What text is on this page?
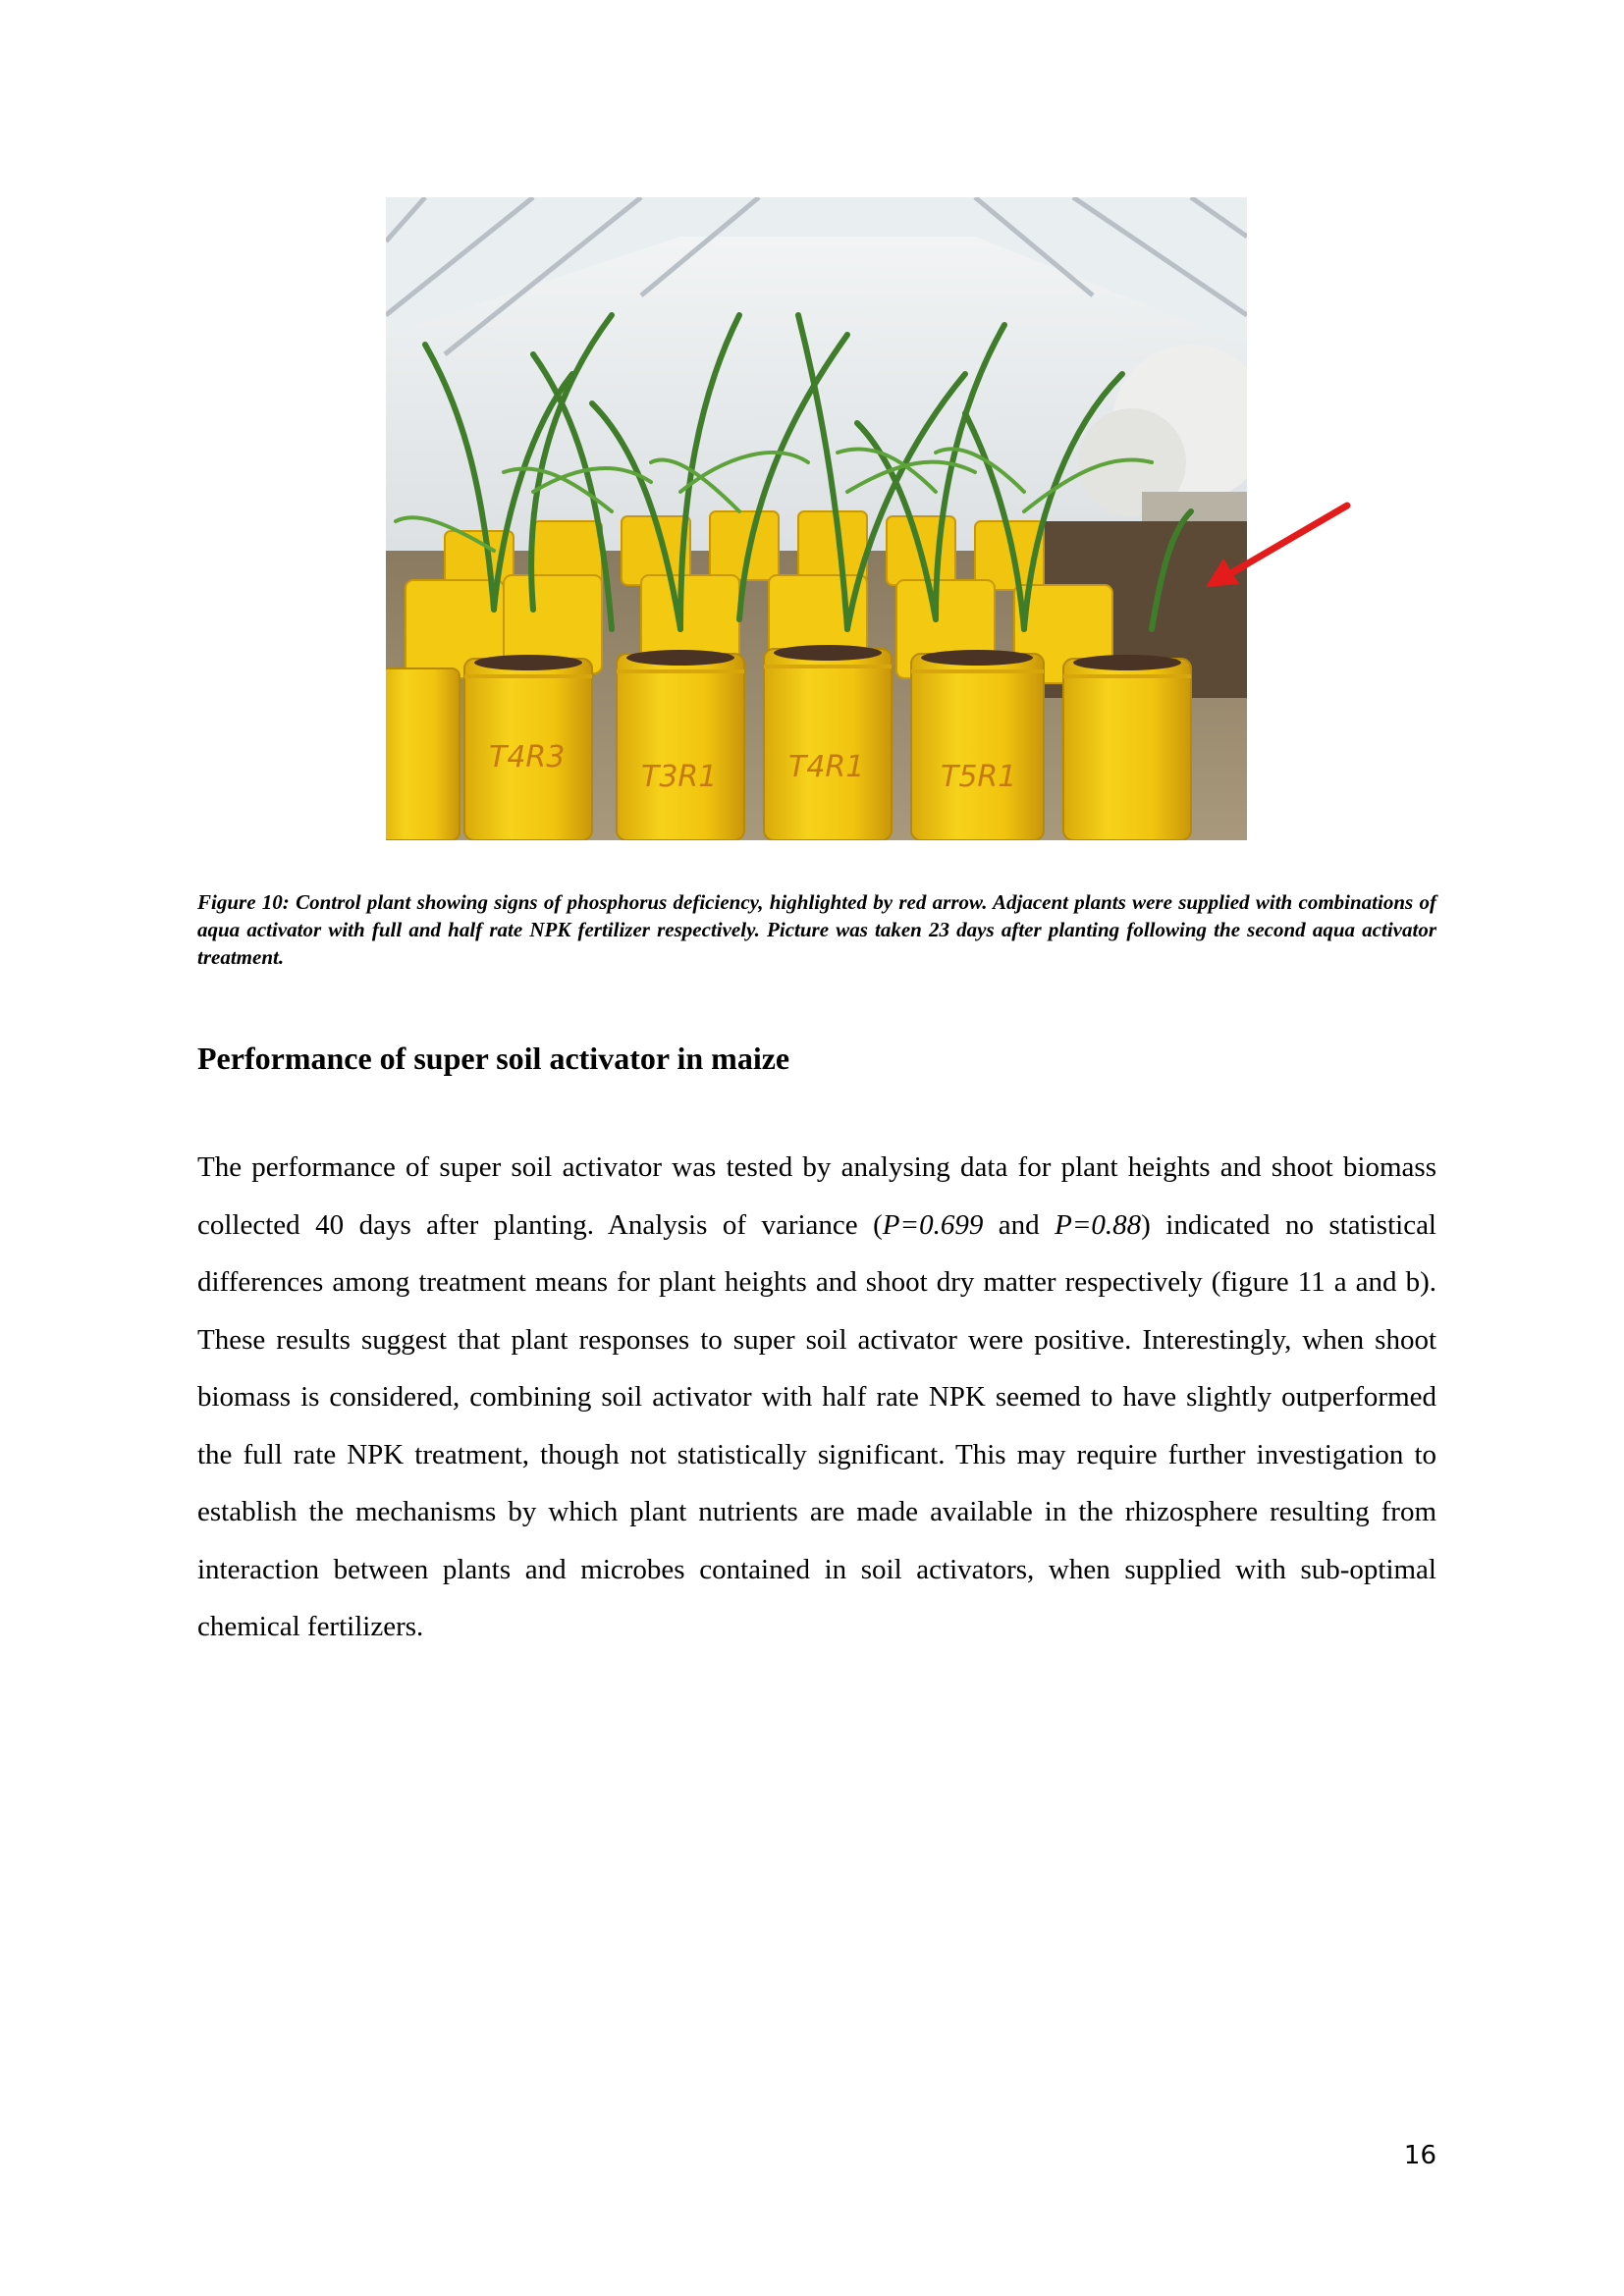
T4R3
T3R1 T4R1	T5R1

Figure 10: Control plant showing signs of phosphorus deficiency, highlighted by red arrow. Adjacent plants were supplied with combinations of aqua activator with full and half rate NPK fertilizer respectively. Picture was taken 23 days after planting following the second aqua activator treatment.

Performance of super soil activator in maize

The performance of super soil activator was tested by analysing data for plant heights and shoot biomass collected 40 days after planting. Analysis of variance (P=0.699 and P=0.88) indicated no statistical differences among treatment means for plant heights and shoot dry matter respectively (figure 11 a and b). These results suggest that plant responses to super soil activator were positive. Interestingly, when shoot biomass is considered, combining soil activator with half rate NPK seemed to have slightly outperformed the full rate NPK treatment, though not statistically significant. This may require further investigation to establish the mechanisms by which plant nutrients are made available in the rhizosphere resulting from interaction between plants and microbes contained in soil activators, when supplied with sub-optimal chemical fertilizers.

16
